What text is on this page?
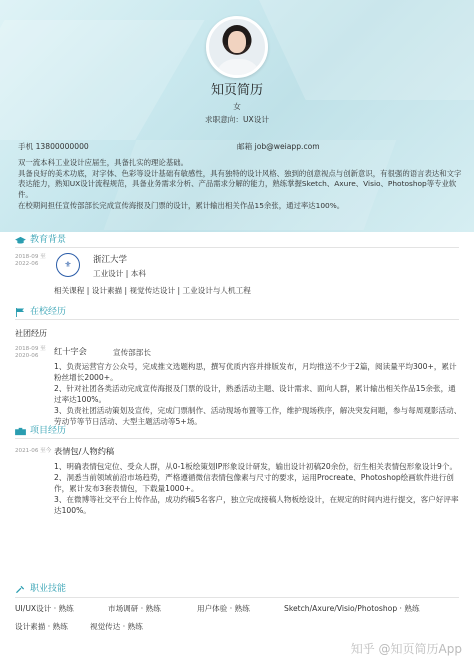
知页简历
女
求职意向：UX设计
手机 13800000000	邮箱 job@weiapp.com
双一流本科工业设计应届生，具备扎实的理论基础。
具备良好的美术功底，对字体、色彩等设计基础有敏感性，具有独特的设计风格、独到的创意视点与创新意识，有很强的语言表达和文字表达能力，熟知UX设计流程规范，具备业务需求分析、产品需求分解的能力，熟练掌握Sketch、Axure、Visio、Photoshop等专业软件。
在校期间担任宣传部部长完成宣传海报及门票的设计，累计输出相关作品15余张，通过率达100%。
教育背景
2018-09 至
2022-06	⚜	浙江大学
工业设计 | 本科
相关课程 | 设计素描 | 视觉传达设计 | 工业设计与人机工程
在校经历
社团经历
2018-09 至
2020-06	红十字会	宣传部部长
1、负责运营官方公众号，完成推文选题构思，撰写优质内容并排版发布，月均推送不少于2篇，阅读量平均300+，累计粉丝增长2000+。
2、针对社团各类活动完成宣传海报及门票的设计，熟悉活动主题、设计需求、面向人群，累计输出相关作品15余张，通过率达100%。
3、负责社团活动策划及宣传，完成门票制作、活动现场布置等工作，维护现场秩序，解决突发问题，参与每周观影活动、劳动节等节日活动、大型主题活动等5+场。
项目经历
2021-06 至今 表情包/人物约稿
1、明确表情包定位、受众人群，从0-1板绘策划IP形象设计研发，输出设计初稿20余份，衍生相关表情包形象设计9个。
2、洞悉当前领域前沿市场趋势，严格遵循微信表情包像素与尺寸的要求，运用Procreate、Photoshop绘画软件进行创作，累计发布3套表情包，下载量1000+。
3、在微博等社交平台上传作品，成功约稿5名客户，独立完成接稿人物板绘设计，在规定的时间内进行提交，客户好评率达100%。
职业技能
UI/UX设计 · 熟练	市场调研 · 熟练	用户体验 · 熟练	Sketch/Axure/Visio/Photoshop · 熟练
设计素描 · 熟练	视觉传达 · 熟练
知乎 @知页简历App
